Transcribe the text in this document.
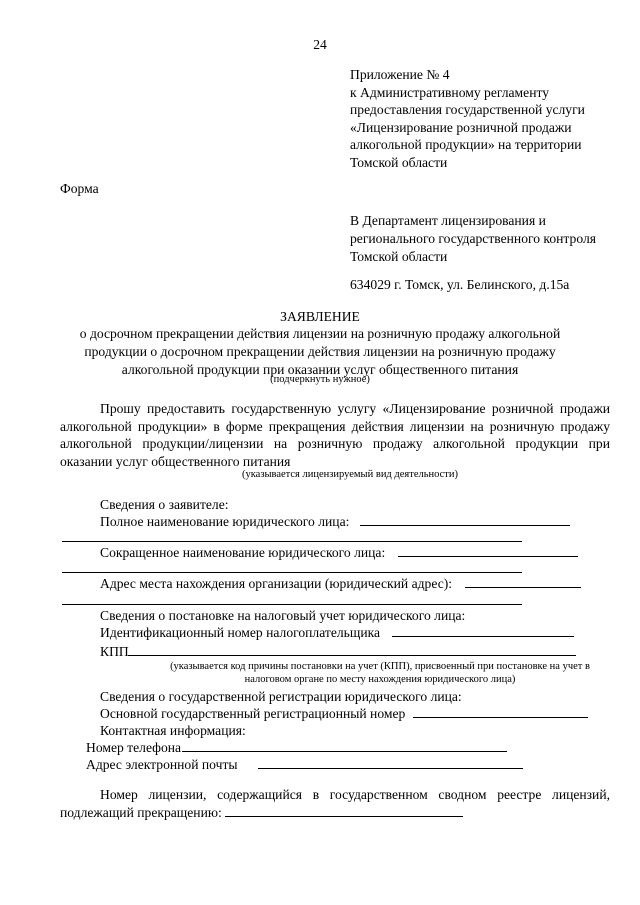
24
Приложение № 4
к Административному регламенту
предоставления государственной услуги
«Лицензирование розничной продажи
алкогольной продукции» на территории
Томской области
Форма
В Департамент лицензирования и
регионального государственного контроля
Томской области
634029 г. Томск, ул. Белинского, д.15а
ЗАЯВЛЕНИЕ
о досрочном прекращении действия лицензии на розничную продажу алкогольной
продукции о досрочном прекращении действия лицензии на розничную продажу
алкогольной продукции при оказании услуг общественного питания
(подчеркнуть нужное)

Прошу предоставить государственную услугу «Лицензирование розничной продажи алкогольной продукции» в форме прекращения действия лицензии на розничную продажу алкогольной продукции/лицензии на розничную продажу алкогольной продукции при оказании услуг общественного питания

(указывается лицензируемый вид деятельности)
Сведения о заявителе:
Полное наименование юридического лица:
Сокращенное наименование юридического лица:
Адрес места нахождения организации (юридический адрес):
Сведения о постановке на налоговый учет юридического лица:
Идентификационный номер налогоплательщика
КПП
(указывается код причины постановки на учет (КПП), присвоенный при постановке на учет в налоговом органе по месту нахождения юридического лица)
Сведения о государственной регистрации юридического лица:
Основной государственный регистрационный номер
Контактная информация:
Номер телефона
Адрес электронной почты

Номер лицензии, содержащийся в государственном сводном реестре лицензий, подлежащий прекращению:
